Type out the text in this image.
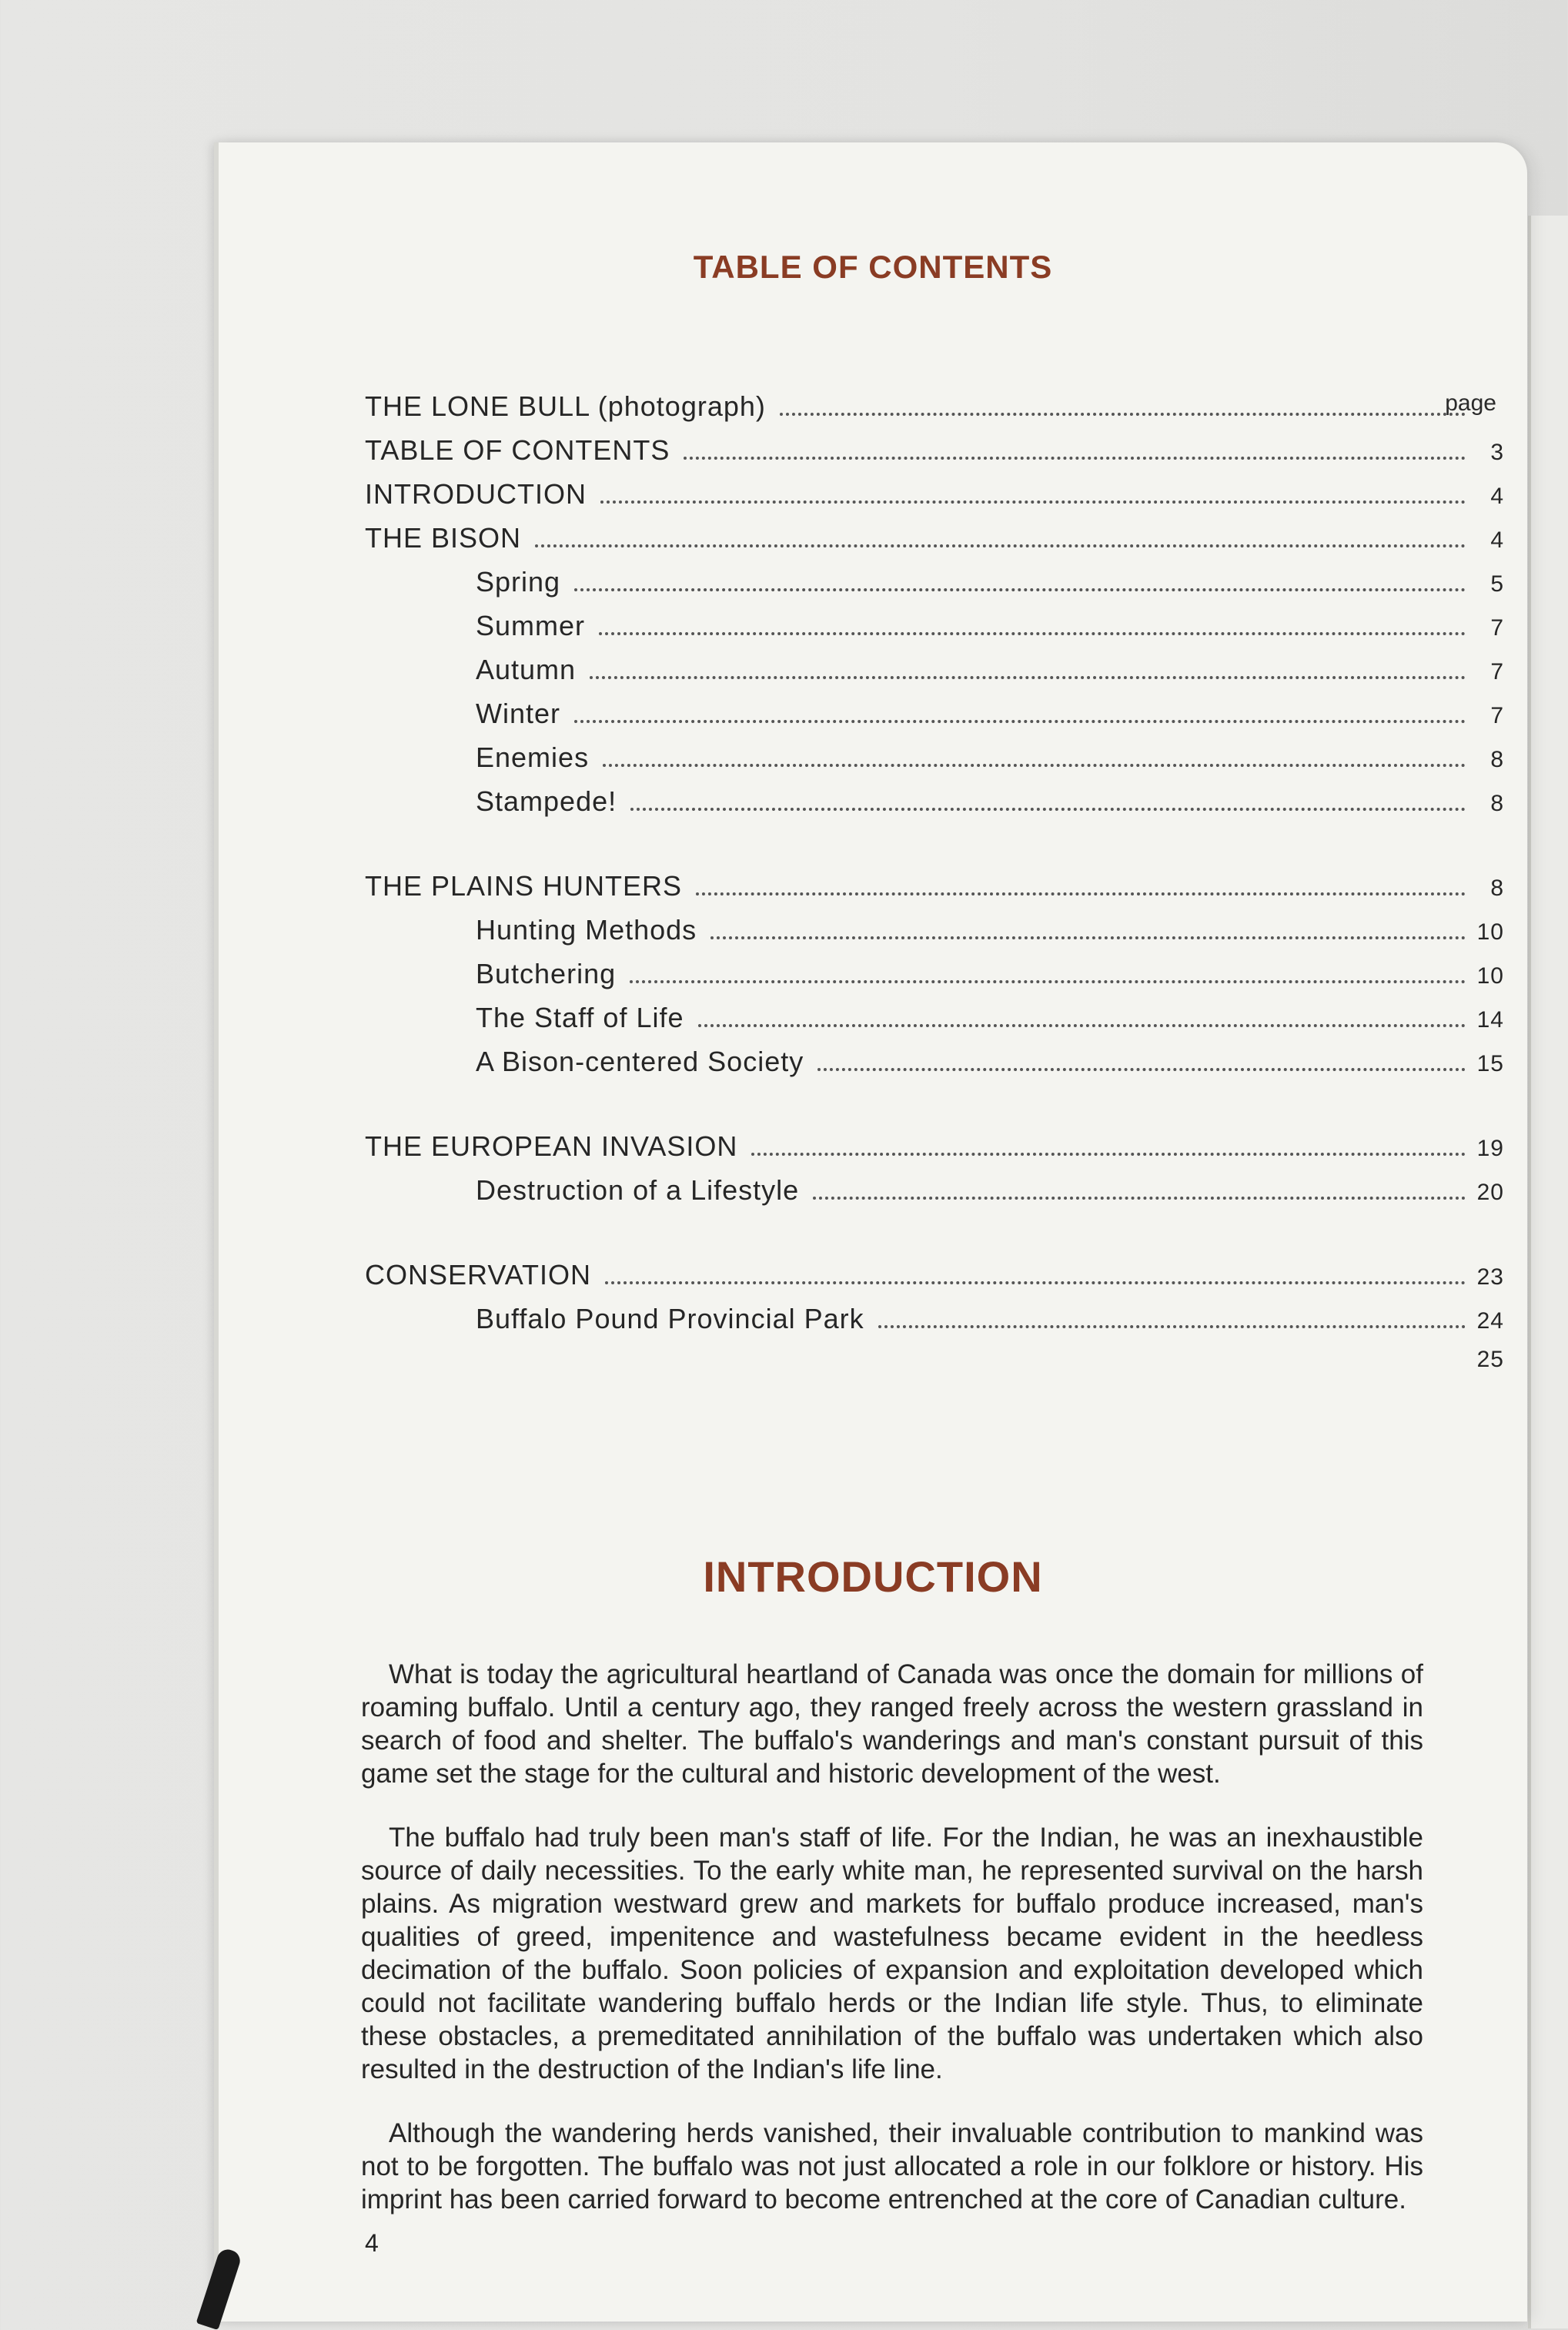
TABLE OF CONTENTS

page

THE LONE BULL (photograph)
TABLE OF CONTENTS	3
INTRODUCTION	4
THE BISON	4
Spring	5
Summer	7
Autumn	7
Winter	7
Enemies	8
Stampede!	8
THE PLAINS HUNTERS	8
Hunting Methods	10
Butchering	10
The Staff of Life	14
A Bison-centered Society	15
THE EUROPEAN INVASION	19
Destruction of a Lifestyle	20
CONSERVATION	23
Buffalo Pound Provincial Park	24
25
INTRODUCTION

What is today the agricultural heartland of Canada was once the domain for millions of roaming buffalo. Until a century ago, they ranged freely across the western grassland in search of food and shelter. The buffalo's wanderings and man's constant pursuit of this game set the stage for the cultural and historic development of the west.

The buffalo had truly been man's staff of life. For the Indian, he was an inexhaustible source of daily necessities. To the early white man, he represented survival on the harsh plains. As migration westward grew and markets for buffalo produce increased, man's qualities of greed, impenitence and wastefulness became evident in the heedless decimation of the buffalo. Soon policies of expansion and exploitation developed which could not facilitate wandering buffalo herds or the Indian life style. Thus, to eliminate these obstacles, a premeditated annihilation of the buffalo was undertaken which also resulted in the destruction of the Indian's life line.

Although the wandering herds vanished, their invaluable contribution to mankind was not to be forgotten. The buffalo was not just allocated a role in our folklore or history. His imprint has been carried forward to become entrenched at the core of Canadian culture.

4
